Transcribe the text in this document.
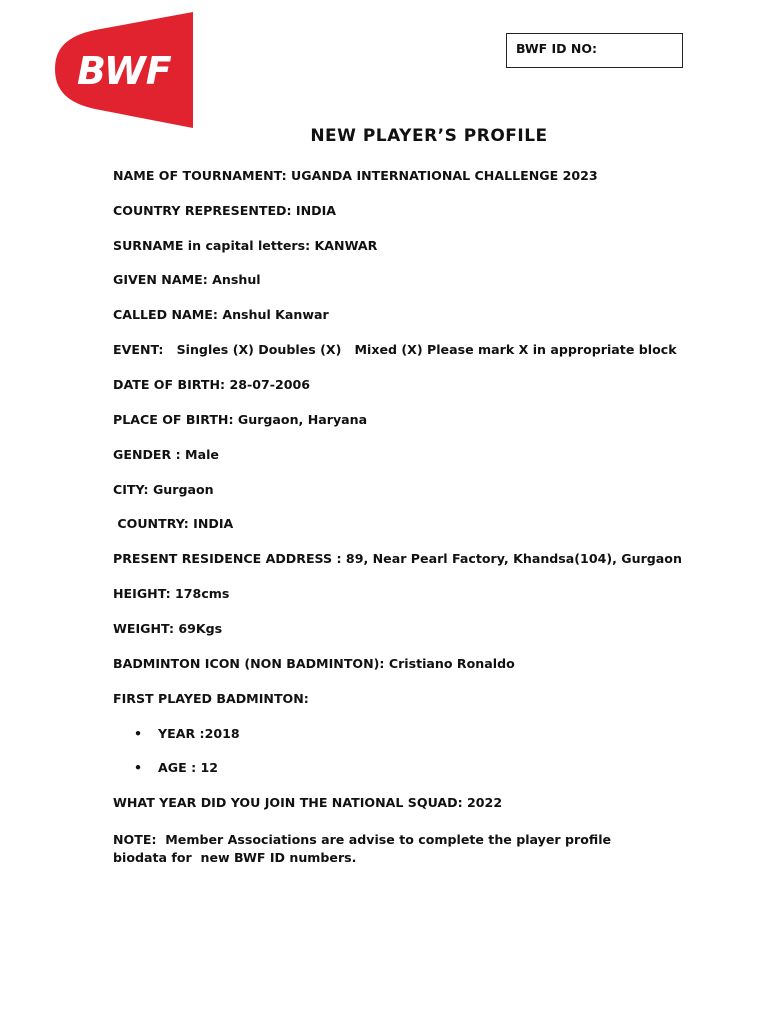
BWF
BWF ID NO:
NEW PLAYER’S PROFILE
NAME OF TOURNAMENT: UGANDA INTERNATIONAL CHALLENGE 2023
COUNTRY REPRESENTED: INDIA
SURNAME in capital letters: KANWAR
GIVEN NAME: Anshul
CALLED NAME: Anshul Kanwar
EVENT:   Singles (X) Doubles (X)   Mixed (X) Please mark X in appropriate block
DATE OF BIRTH: 28-07-2006
PLACE OF BIRTH: Gurgaon, Haryana
GENDER : Male
CITY: Gurgaon
COUNTRY: INDIA
PRESENT RESIDENCE ADDRESS : 89, Near Pearl Factory, Khandsa(104), Gurgaon
HEIGHT: 178cms
WEIGHT: 69Kgs
BADMINTON ICON (NON BADMINTON): Cristiano Ronaldo
FIRST PLAYED BADMINTON:
• YEAR :2018
• AGE : 12
WHAT YEAR DID YOU JOIN THE NATIONAL SQUAD: 2022
NOTE:  Member Associations are advise to complete the player profile biodata for  new BWF ID numbers.
